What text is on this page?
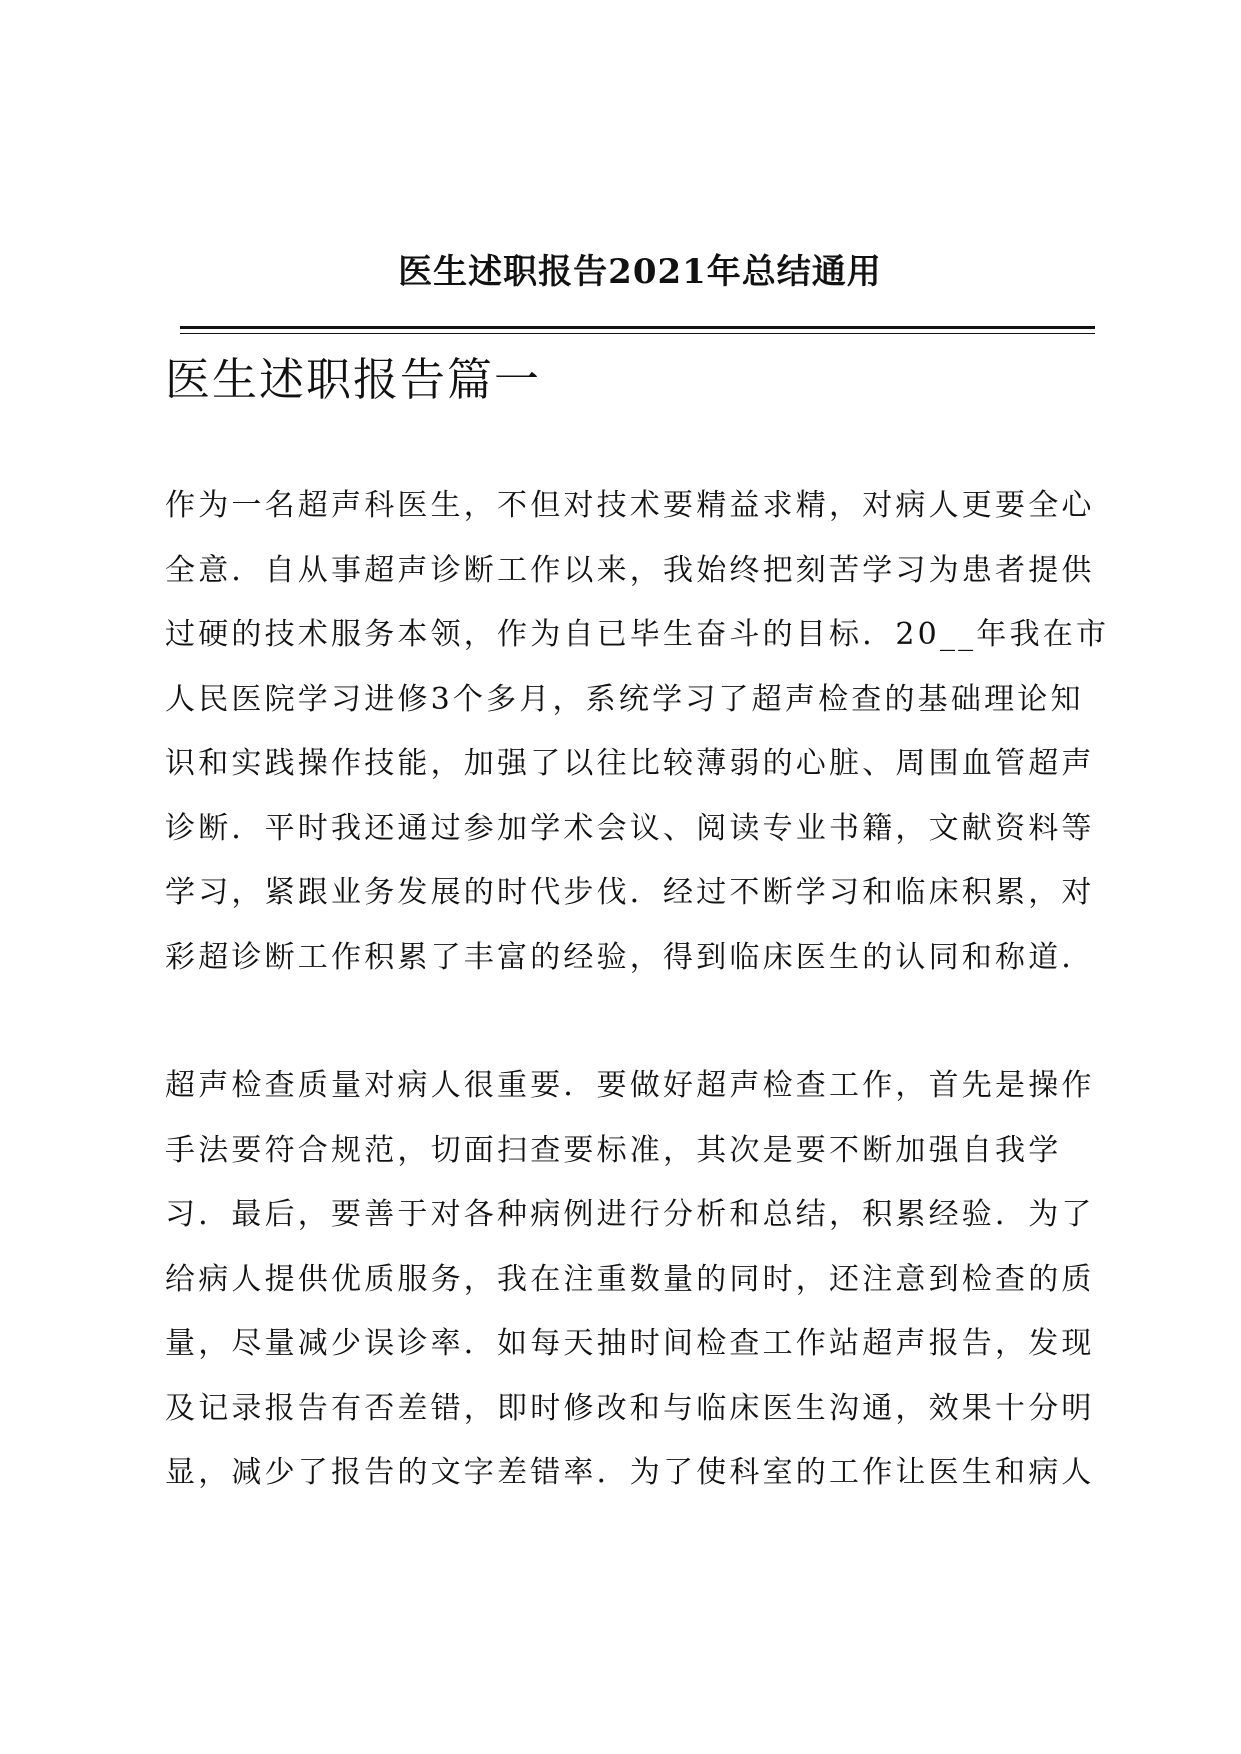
医生述职报告2021年总结通用
医生述职报告篇一

作为一名超声科医生，不但对技术要精益求精，对病人更要全心
全意．自从事超声诊断工作以来，我始终把刻苦学习为患者提供
过硬的技术服务本领，作为自已毕生奋斗的目标．20__年我在市
人民医院学习进修3个多月，系统学习了超声检查的基础理论知
识和实践操作技能，加强了以往比较薄弱的心脏、周围血管超声
诊断．平时我还通过参加学术会议、阅读专业书籍，文献资料等
学习，紧跟业务发展的时代步伐．经过不断学习和临床积累，对
彩超诊断工作积累了丰富的经验，得到临床医生的认同和称道．

超声检查质量对病人很重要．要做好超声检查工作，首先是操作
手法要符合规范，切面扫查要标准，其次是要不断加强自我学
习．最后，要善于对各种病例进行分析和总结，积累经验．为了
给病人提供优质服务，我在注重数量的同时，还注意到检查的质
量，尽量减少误诊率．如每天抽时间检查工作站超声报告，发现
及记录报告有否差错，即时修改和与临床医生沟通，效果十分明
显，减少了报告的文字差错率．为了使科室的工作让医生和病人
